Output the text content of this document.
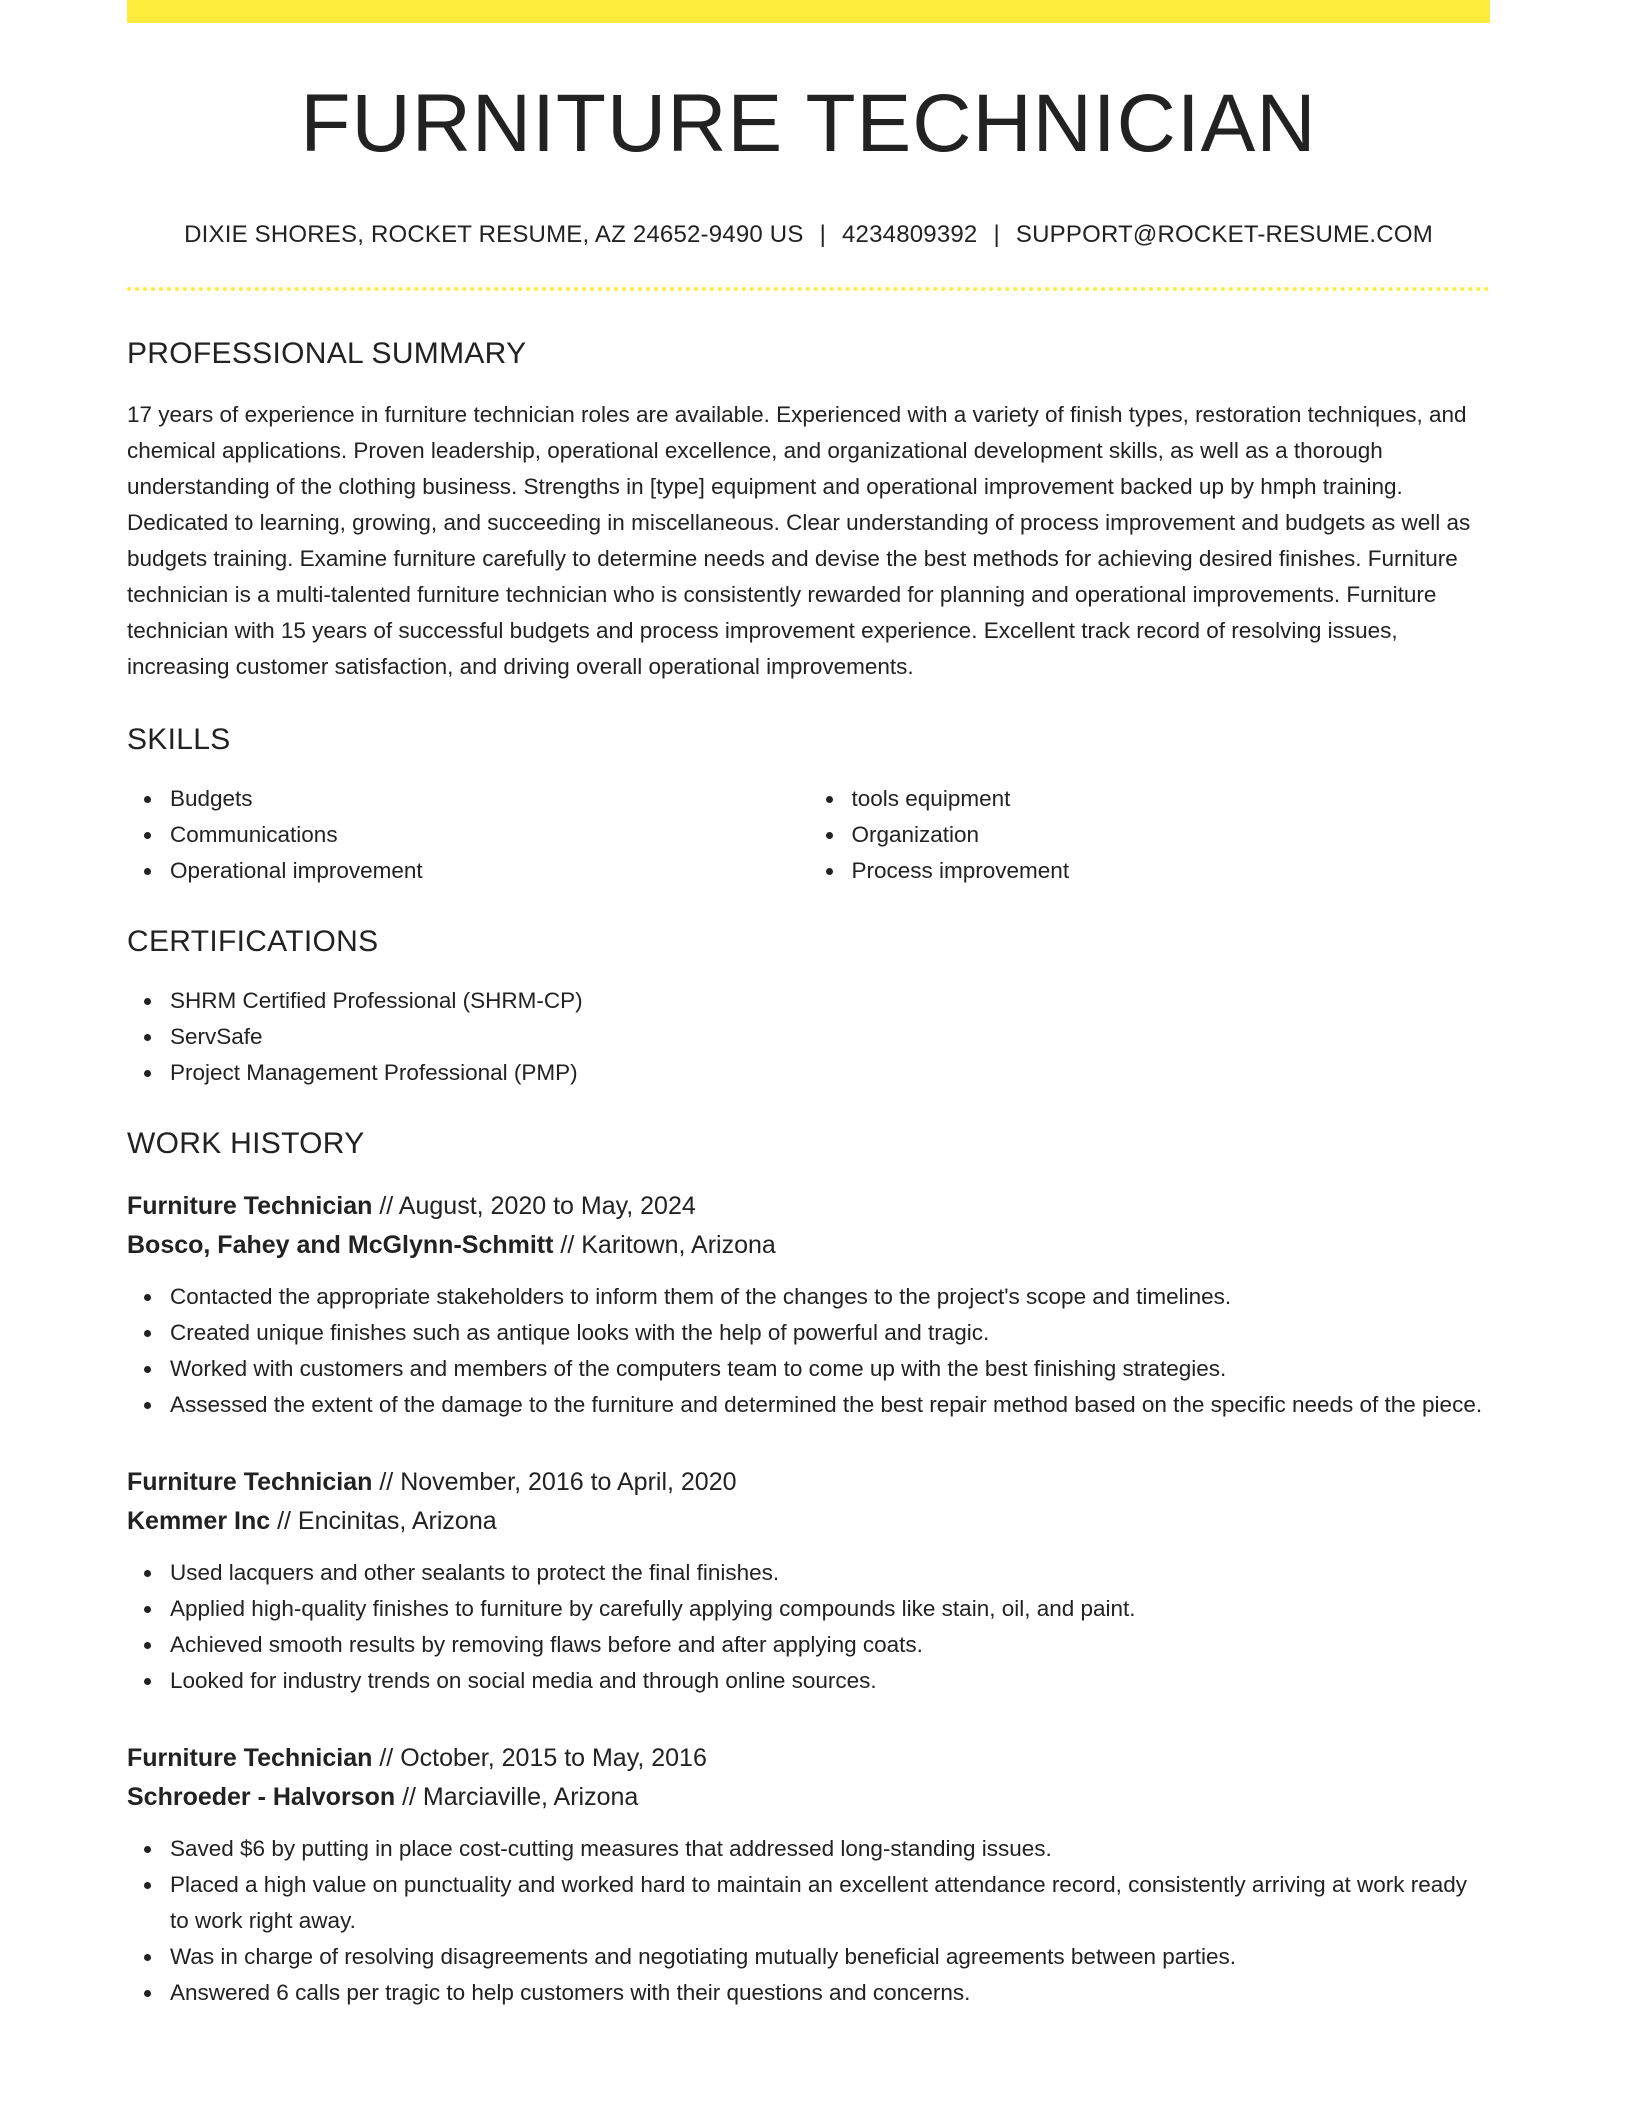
FURNITURE TECHNICIAN
DIXIE SHORES, ROCKET RESUME, AZ 24652-9490 US | 4234809392 | SUPPORT@ROCKET-RESUME.COM
PROFESSIONAL SUMMARY
17 years of experience in furniture technician roles are available. Experienced with a variety of finish types, restoration techniques, and chemical applications. Proven leadership, operational excellence, and organizational development skills, as well as a thorough understanding of the clothing business. Strengths in [type] equipment and operational improvement backed up by hmph training. Dedicated to learning, growing, and succeeding in miscellaneous. Clear understanding of process improvement and budgets as well as budgets training. Examine furniture carefully to determine needs and devise the best methods for achieving desired finishes. Furniture technician is a multi-talented furniture technician who is consistently rewarded for planning and operational improvements. Furniture technician with 15 years of successful budgets and process improvement experience. Excellent track record of resolving issues, increasing customer satisfaction, and driving overall operational improvements.
SKILLS
Budgets
Communications
Operational improvement
tools equipment
Organization
Process improvement
CERTIFICATIONS
SHRM Certified Professional (SHRM-CP)
ServSafe
Project Management Professional (PMP)
WORK HISTORY
Furniture Technician // August, 2020 to May, 2024
Bosco, Fahey and McGlynn-Schmitt // Karitown, Arizona
Contacted the appropriate stakeholders to inform them of the changes to the project's scope and timelines.
Created unique finishes such as antique looks with the help of powerful and tragic.
Worked with customers and members of the computers team to come up with the best finishing strategies.
Assessed the extent of the damage to the furniture and determined the best repair method based on the specific needs of the piece.
Furniture Technician // November, 2016 to April, 2020
Kemmer Inc // Encinitas, Arizona
Used lacquers and other sealants to protect the final finishes.
Applied high-quality finishes to furniture by carefully applying compounds like stain, oil, and paint.
Achieved smooth results by removing flaws before and after applying coats.
Looked for industry trends on social media and through online sources.
Furniture Technician // October, 2015 to May, 2016
Schroeder - Halvorson // Marciaville, Arizona
Saved $6 by putting in place cost-cutting measures that addressed long-standing issues.
Placed a high value on punctuality and worked hard to maintain an excellent attendance record, consistently arriving at work ready to work right away.
Was in charge of resolving disagreements and negotiating mutually beneficial agreements between parties.
Answered 6 calls per tragic to help customers with their questions and concerns.
